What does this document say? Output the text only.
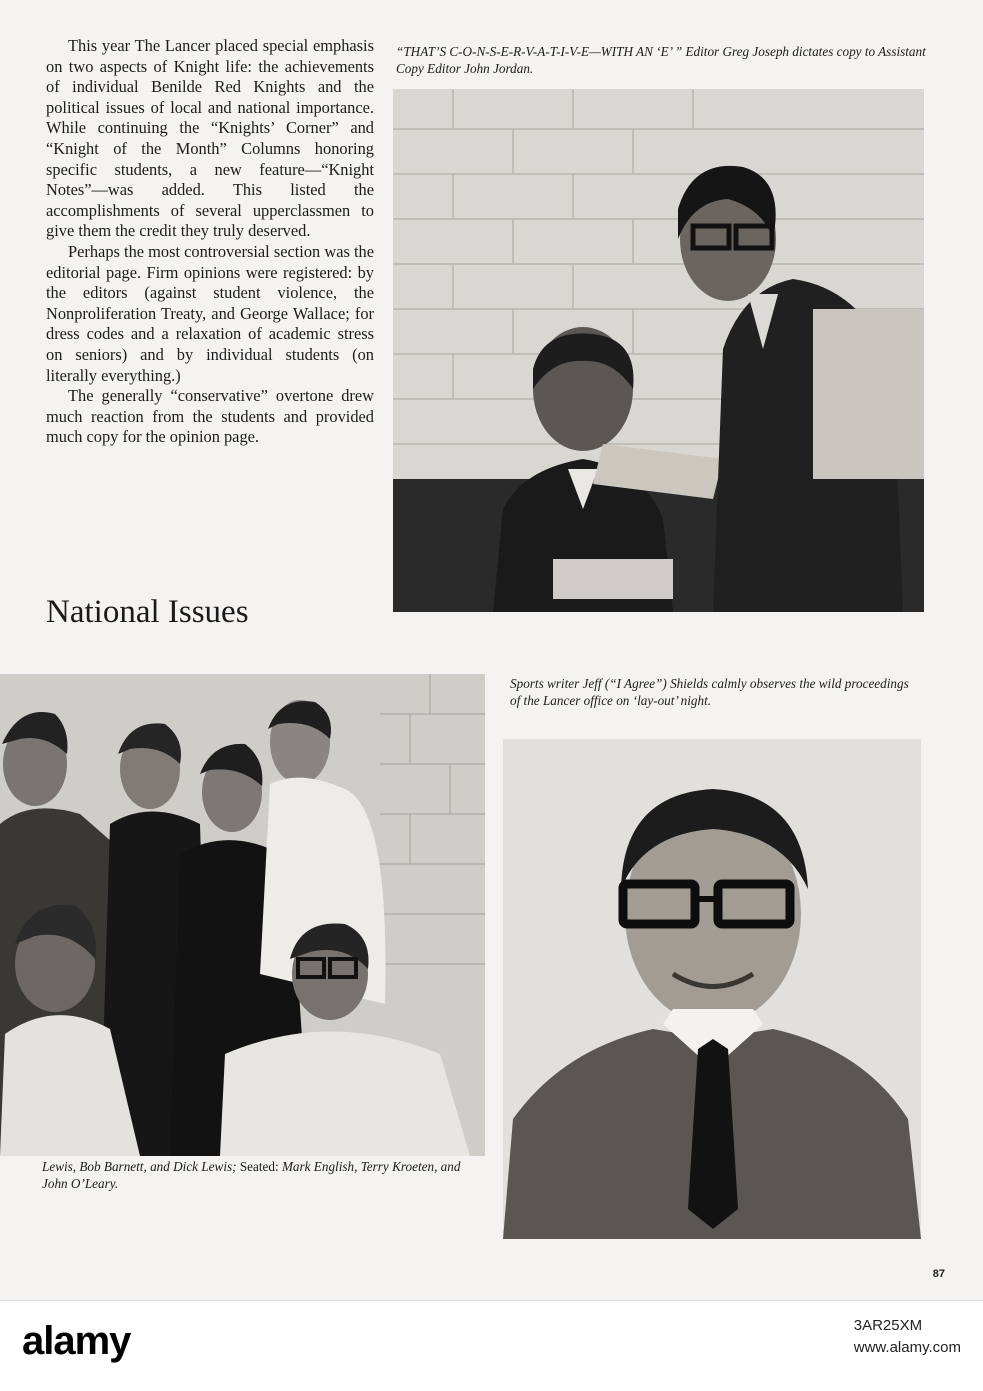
This year The Lancer placed special emphasis on two aspects of Knight life: the achievements of individual Benilde Red Knights and the political issues of local and national importance. While continuing the “Knights’ Corner” and “Knight of the Month” Columns honoring specific students, a new feature—“Knight Notes”—was added. This listed the accomplishments of several upperclassmen to give them the credit they truly deserved.

Perhaps the most controversial section was the editorial page. Firm opinions were registered: by the editors (against student violence, the Nonproliferation Treaty, and George Wallace; for dress codes and a relaxation of academic stress on seniors) and by individual students (on literally everything.)

The generally “conservative” overtone drew much reaction from the students and provided much copy for the opinion page.

“THAT’S C-O-N-S-E-R-V-A-T-I-V-E—WITH AN ‘E’ ” Editor Greg Joseph dictates copy to Assistant Copy Editor John Jordan.
National Issues
Sports writer Jeff (“I Agree”) Shields calmly observes the wild proceedings of the Lancer office on ‘lay-out’ night.
Lewis, Bob Barnett, and Dick Lewis; Seated: Mark English, Terry Kroeten, and John O’Leary.
87
alamy	3AR25XM
www.alamy.com
